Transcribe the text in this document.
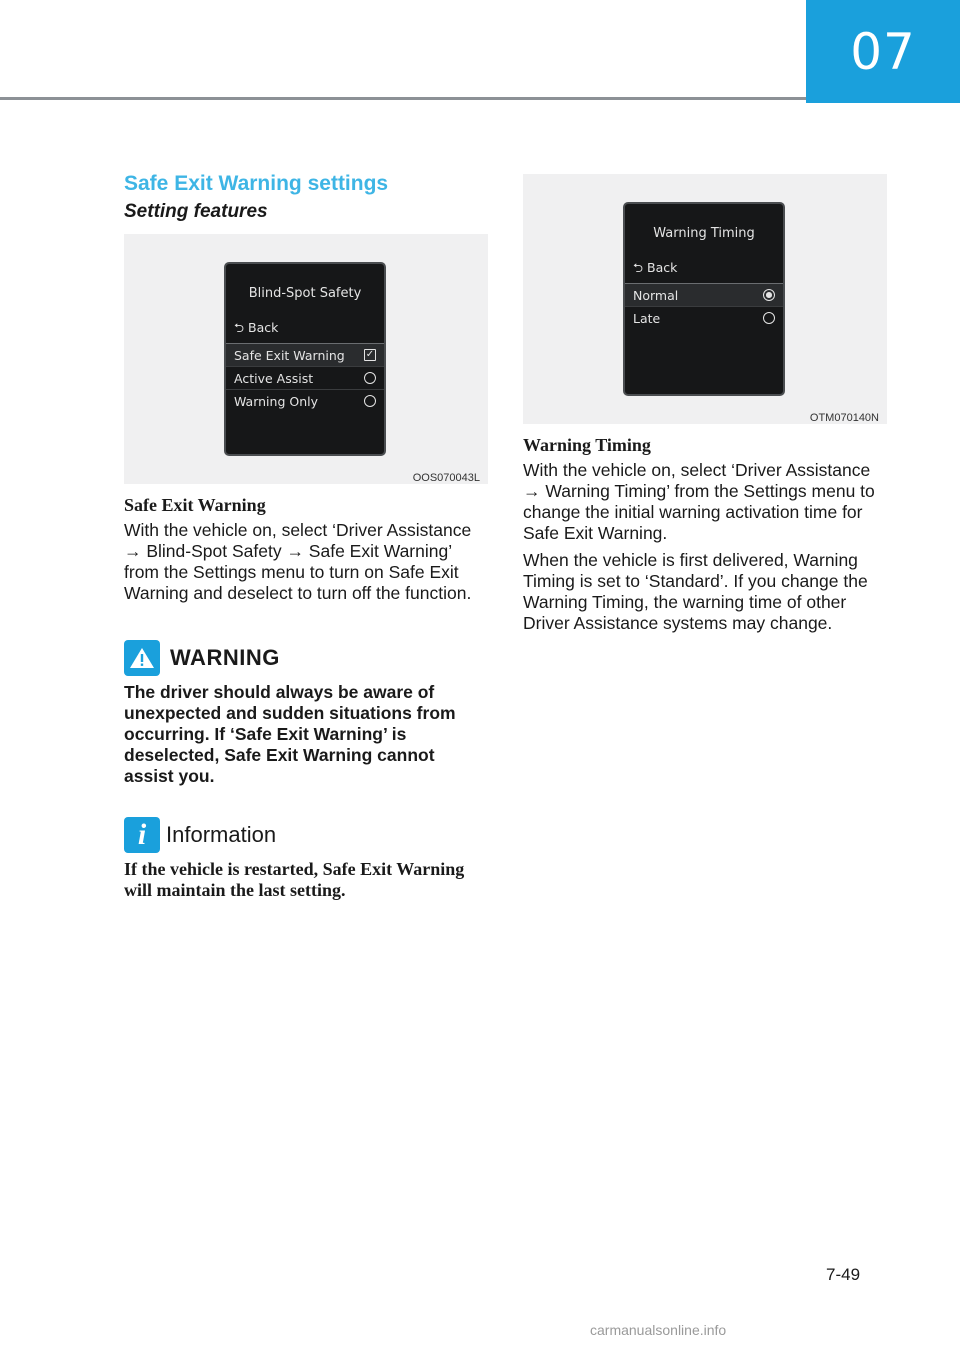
07
Safe Exit Warning settings
Setting features
Blind-Spot Safety
⮌ Back
Safe Exit Warning ✓
Active Assist
Warning Only
OOS070043L
Safe Exit Warning

With the vehicle on, select ‘Driver Assistance → Blind-Spot Safety → Safe Exit Warning’ from the Settings menu to turn on Safe Exit Warning and deselect to turn off the function.

WARNING

The driver should always be aware of unexpected and sudden situations from occurring. If ‘Safe Exit Warning’ is deselected, Safe Exit Warning cannot assist you.

i Information

If the vehicle is restarted, Safe Exit Warning will maintain the last setting.

Warning Timing
⮌ Back
Normal
Late
OTM070140N
Warning Timing

With the vehicle on, select ‘Driver Assistance → Warning Timing’ from the Settings menu to change the initial warning activation time for Safe Exit Warning.

When the vehicle is first delivered, Warning Timing is set to ‘Standard’. If you change the Warning Timing, the warning time of other Driver Assistance systems may change.

7-49
carmanualsonline.info
